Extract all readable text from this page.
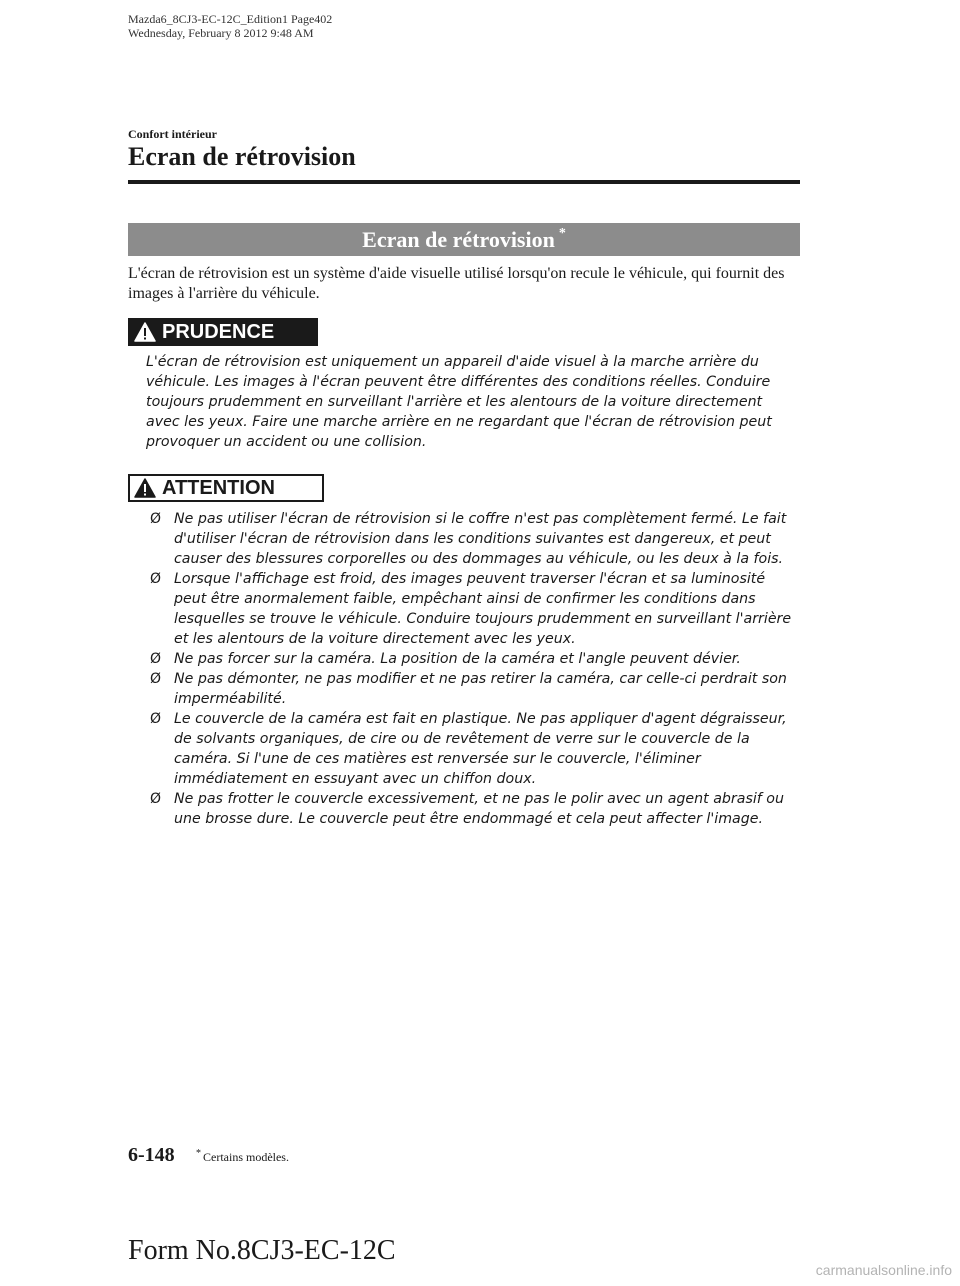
Mazda6_8CJ3-EC-12C_Edition1 Page402
Wednesday, February 8 2012 9:48 AM
Confort intérieur
Ecran de rétrovision
Ecran de rétrovision *
L'écran de rétrovision est un système d'aide visuelle utilisé lorsqu'on recule le véhicule, qui fournit des images à l'arrière du véhicule.
PRUDENCE
L'écran de rétrovision est uniquement un appareil d'aide visuel à la marche arrière du véhicule. Les images à l'écran peuvent être différentes des conditions réelles. Conduire toujours prudemment en surveillant l'arrière et les alentours de la voiture directement avec les yeux. Faire une marche arrière en ne regardant que l'écran de rétrovision peut provoquer un accident ou une collision.
ATTENTION
Ø Ne pas utiliser l'écran de rétrovision si le coffre n'est pas complètement fermé. Le fait d'utiliser l'écran de rétrovision dans les conditions suivantes est dangereux, et peut causer des blessures corporelles ou des dommages au véhicule, ou les deux à la fois.
Ø Lorsque l'affichage est froid, des images peuvent traverser l'écran et sa luminosité peut être anormalement faible, empêchant ainsi de confirmer les conditions dans lesquelles se trouve le véhicule. Conduire toujours prudemment en surveillant l'arrière et les alentours de la voiture directement avec les yeux.
Ø Ne pas forcer sur la caméra. La position de la caméra et l'angle peuvent dévier.
Ø Ne pas démonter, ne pas modifier et ne pas retirer la caméra, car celle-ci perdrait son imperméabilité.
Ø Le couvercle de la caméra est fait en plastique. Ne pas appliquer d'agent dégraisseur, de solvants organiques, de cire ou de revêtement de verre sur le couvercle de la caméra. Si l'une de ces matières est renversée sur le couvercle, l'éliminer immédiatement en essuyant avec un chiffon doux.
Ø Ne pas frotter le couvercle excessivement, et ne pas le polir avec un agent abrasif ou une brosse dure. Le couvercle peut être endommagé et cela peut affecter l'image.
6-148 * Certains modèles.
Form No.8CJ3-EC-12C
carmanualsonline.info
